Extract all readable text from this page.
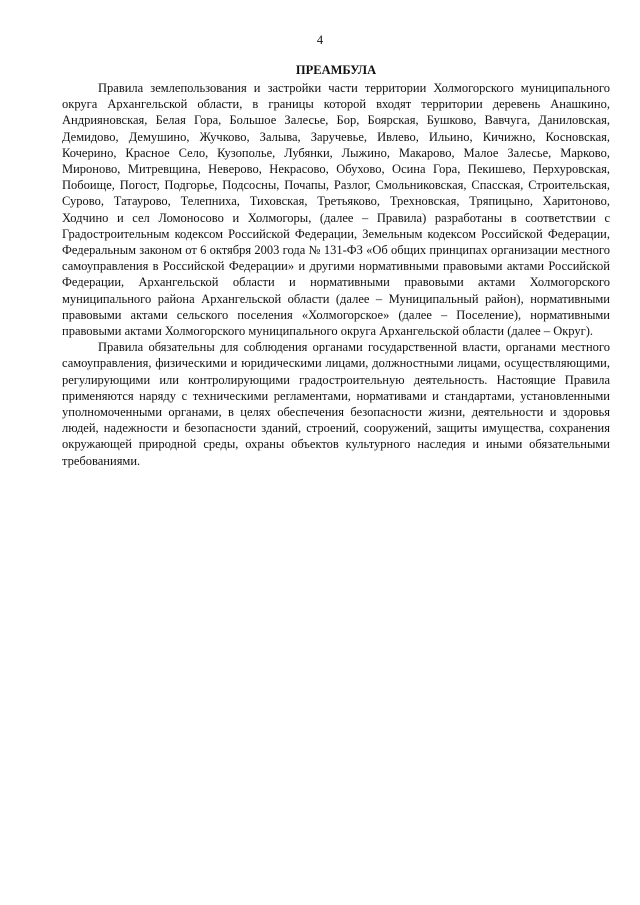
4

ПРЕАМБУЛА

Правила землепользования и застройки части территории Холмогорского муниципального округа Архангельской области, в границы которой входят территории деревень Анашкино, Андрияновская, Белая Гора, Большое Залесье, Бор, Боярская, Бушково, Вавчуга, Даниловская, Демидово, Демушино, Жучково, Залыва, Заручевье, Ивлево, Ильино, Кичижно, Косновская, Кочерино, Красное Село, Кузополье, Лубянки, Лыжино, Макарово, Малое Залесье, Марково, Мироново, Митревщина, Неверово, Некрасово, Обухово, Осина Гора, Пекишево, Перхуровская, Побоище, Погост, Подгорье, Подсосны, Почапы, Разлог, Смольниковская, Спасская, Строительская, Сурово, Татаурово, Телепниха, Тиховская, Третьяково, Трехновская, Тряпицыно, Харитоново, Ходчино и сел Ломоносово и Холмогоры, (далее – Правила) разработаны в соответствии с Градостроительным кодексом Российской Федерации, Земельным кодексом Российской Федерации, Федеральным законом от 6 октября 2003 года № 131-ФЗ «Об общих принципах организации местного самоуправления в Российской Федерации» и другими нормативными правовыми актами Российской Федерации, Архангельской области и нормативными правовыми актами Холмогорского муниципального района Архангельской области (далее – Муниципальный район), нормативными правовыми актами сельского поселения «Холмогорское» (далее – Поселение), нормативными правовыми актами Холмогорского муниципального округа Архангельской области (далее – Округ).

Правила обязательны для соблюдения органами государственной власти, органами местного самоуправления, физическими и юридическими лицами, должностными лицами, осуществляющими, регулирующими или контролирующими градостроительную деятельность. Настоящие Правила применяются наряду с техническими регламентами, нормативами и стандартами, установленными уполномоченными органами, в целях обеспечения безопасности жизни, деятельности и здоровья людей, надежности и безопасности зданий, строений, сооружений, защиты имущества, сохранения окружающей природной среды, охраны объектов культурного наследия и иными обязательными требованиями.
